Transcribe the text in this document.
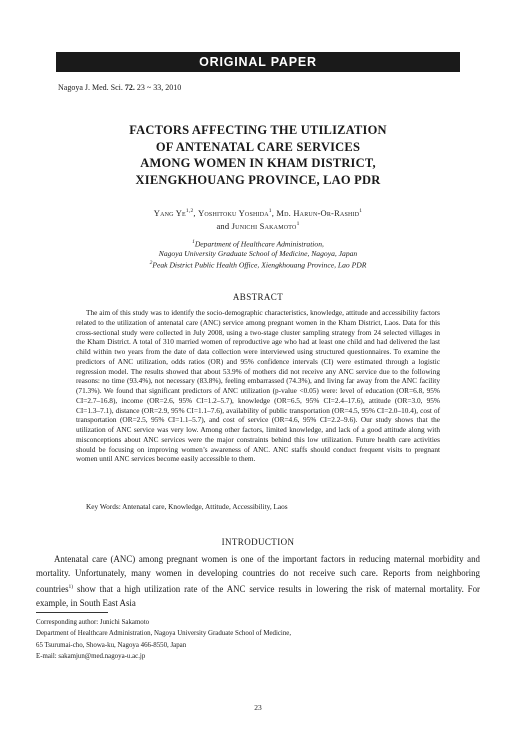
ORIGINAL PAPER
Nagoya J. Med. Sci. 72. 23 ~ 33, 2010
FACTORS AFFECTING THE UTILIZATION
OF ANTENATAL CARE SERVICES
AMONG WOMEN IN KHAM DISTRICT,
XIENGKHOUANG PROVINCE, LAO PDR
Yang Ye$^{1,2}$, Yoshitoku Yoshida$^1$, Md. Harun-Or-Rashid$^1$
and Junichi Sakamoto$^1$
$^1$Department of Healthcare Administration,
Nagoya University Graduate School of Medicine, Nagoya, Japan
$^2$Peak District Public Health Office, Xiengkhouang Province, Lao PDR
ABSTRACT

The aim of this study was to identify the socio-demographic characteristics, knowledge, attitude and accessibility factors related to the utilization of antenatal care (ANC) service among pregnant women in the Kham District, Laos. Data for this cross-sectional study were collected in July 2008, using a two-stage cluster sampling strategy from 24 selected villages in the Kham District. A total of 310 married women of reproductive age who had at least one child and had delivered the last child within two years from the date of data collection were interviewed using structured questionnaires. To examine the predictors of ANC utilization, odds ratios (OR) and 95% confidence intervals (CI) were estimated through a logistic regression model. The results showed that about 53.9% of mothers did not receive any ANC service due to the following reasons: no time (93.4%), not necessary (83.8%), feeling embarrassed (74.3%), and living far away from the ANC facility (71.3%). We found that significant predictors of ANC utilization (p-value <0.05) were: level of education (OR=6.8, 95% CI=2.7–16.8), income (OR=2.6, 95% CI=1.2–5.7), knowledge (OR=6.5, 95% CI=2.4–17.6), attitude (OR=3.0, 95% CI=1.3–7.1), distance (OR=2.9, 95% CI=1.1–7.6), availability of public transportation (OR=4.5, 95% CI=2.0–10.4), cost of transportation (OR=2.5, 95% CI=1.1–5.7), and cost of service (OR=4.6, 95% CI=2.2–9.6). Our study shows that the utilization of ANC service was very low. Among other factors, limited knowledge, and lack of a good attitude along with misconceptions about ANC services were the major constraints behind this low utilization. Future health care activities should be focusing on improving women’s awareness of ANC. ANC staffs should conduct frequent visits to pregnant women until ANC services become easily accessible to them.

Key Words: Antenatal care, Knowledge, Attitude, Accessibility, Laos
INTRODUCTION

Antenatal care (ANC) among pregnant women is one of the important factors in reducing maternal morbidity and mortality. Unfortunately, many women in developing countries do not receive such care. Reports from neighboring countries$^{1)}$ show that a high utilization rate of the ANC service results in lowering the risk of maternal mortality. For example, in South East Asia

Corresponding author: Junichi Sakamoto
Department of Healthcare Administration, Nagoya University Graduate School of Medicine,
65 Tsurumai-cho, Showa-ku, Nagoya 466-8550, Japan
E-mail: sakamjun@med.nagoya-u.ac.jp
23
